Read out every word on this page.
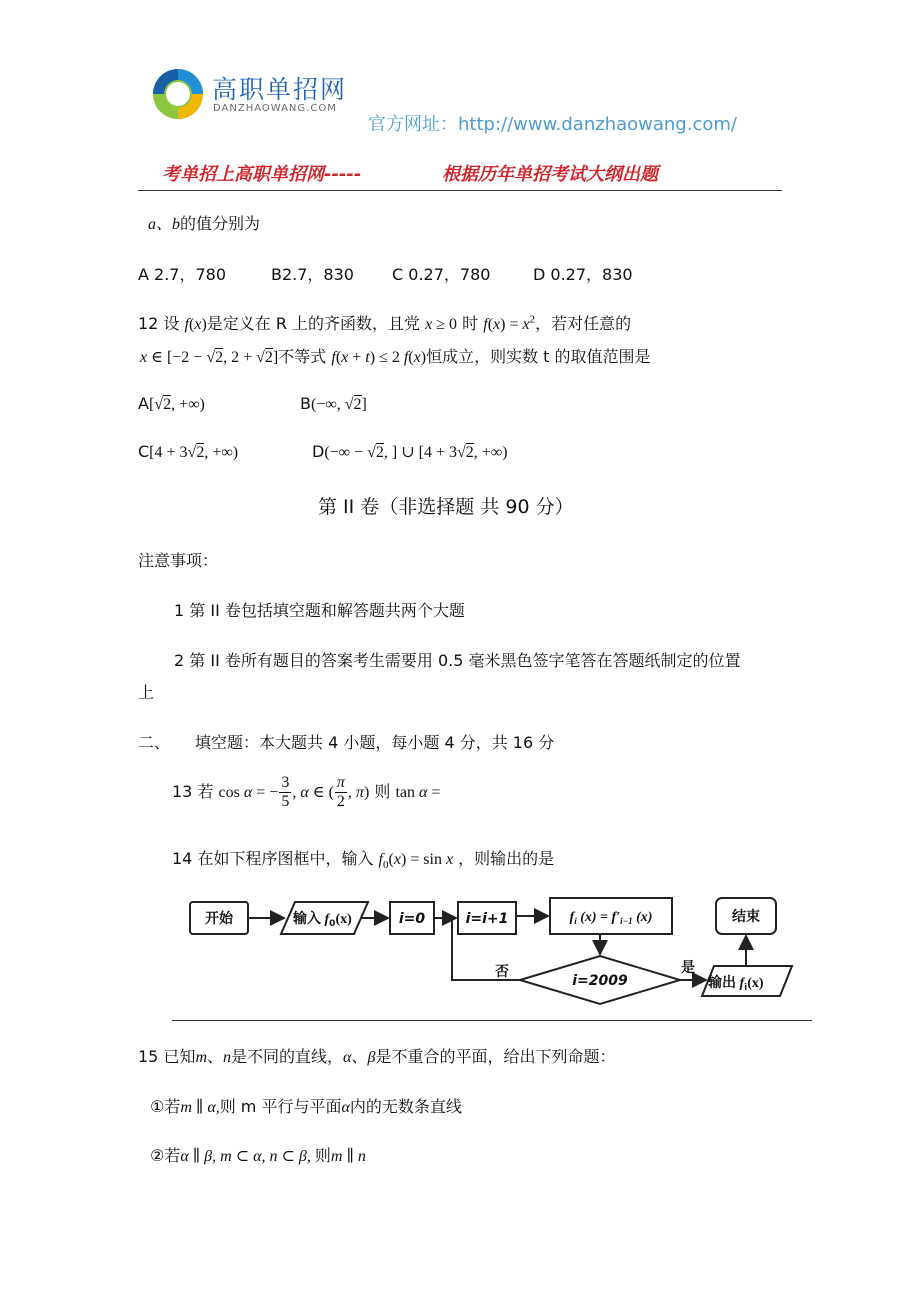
高职单招网
DANZHAOWANG.COM
官方网址：http://www.danzhaowang.com/
考单招上高职单招网-----	根据历年单招考试大纲出题
a、b的值分别为
A 2.7，780	B2.7，830 C 0.27，780	D 0.27，830
12 设 f(x)是定义在 R 上的齐函数，且党 x ≥ 0 时 $f(x) = x^2$，若对任意的
x ∈ [−2 − √2, 2 + √2]不等式 f(x + t) ≤ 2 f(x)恒成立，则实数 t 的取值范围是
A[√2, +∞)	B(−∞, √2]
C[4 + 3√2, +∞)	D(−∞ − √2, ] ∪ [4 + 3√2, +∞)
第 II 卷（非选择题 共 90 分）
注意事项：
1 第 II 卷包括填空题和解答题共两个大题
2 第 II 卷所有题目的答案考生需要用 0.5 毫米黑色签字笔答在答题纸制定的位置
上
二、 填空题：本大题共 4 小题，每小题 4 分，共 16 分
13 若 cos α = − $\frac{3}{5}$ , α ∈ ( $\frac{\pi}{2}$ , π) 则 tan α =
14 在如下程序图框中，输入 $f_0(x) = \sin x$ ，则输出的是
开始	输入 $f_0(x)$	i=0	i=i+1	$f_i$ $(x) = f'_{i-1}$ (x)	结束
i=2009
否	是
输出 $f_i(x)$
15 已知m、n是不同的直线，α、β是不重合的平面，给出下列命题：
①若m ∥ α,则 m 平行与平面α内的无数条直线
②若α ∥ β, m ⊂ α, n ⊂ β, 则m ∥ n
